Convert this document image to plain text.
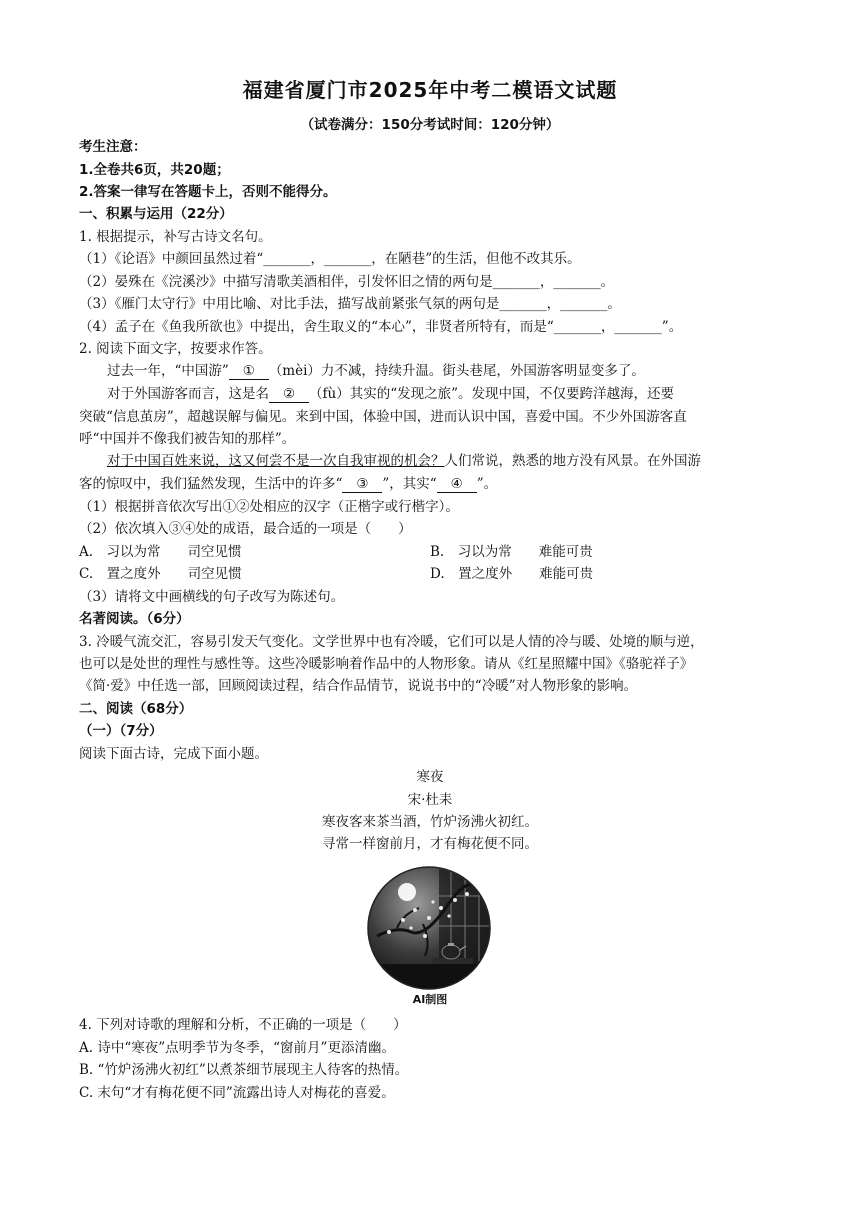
福建省厦门市2025年中考二模语文试题
（试卷满分：150分考试时间：120分钟）
考生注意：
1.全卷共6页，共20题；
2.答案一律写在答题卡上，否则不能得分。
一、积累与运用（22分）
1. 根据提示，补写古诗文名句。
（1）《论语》中颜回虽然过着“_______，_______，在陋巷”的生活，但他不改其乐。
（2）晏殊在《浣溪沙》中描写清歌美酒相伴，引发怀旧之情的两句是_______，_______。
（3）《雁门太守行》中用比喻、对比手法，描写战前紧张气氛的两句是_______，_______。
（4）孟子在《鱼我所欲也》中提出，舍生取义的“本心”，非贤者所特有，而是“_______，_______”。
2. 阅读下面文字，按要求作答。
过去一年，“中国游” ① （mèi）力不减，持续升温。街头巷尾，外国游客明显变多了。
对于外国游客而言，这是名 ② （fù）其实的“发现之旅”。发现中国，不仅要跨洋越海，还要
突破“信息茧房”，超越误解与偏见。来到中国，体验中国，进而认识中国，喜爱中国。不少外国游客直
呼“中国并不像我们被告知的那样”。
对于中国百姓来说，这又何尝不是一次自我审视的机会？人们常说，熟悉的地方没有风景。在外国游
客的惊叹中，我们猛然发现，生活中的许多“ ③ ”，其实“ ④ ”。
（1）根据拼音依次写出①②处相应的汉字（正楷字或行楷字）。
（2）依次填入③④处的成语，最合适的一项是（　　）
A.　习以为常　　司空见惯	B.　习以为常　　难能可贵
C.　置之度外　　司空见惯	D.　置之度外　　难能可贵
（3）请将文中画横线的句子改写为陈述句。
名著阅读。（6分）
3. 冷暖气流交汇，容易引发天气变化。文学世界中也有冷暖，它们可以是人情的冷与暖、处境的顺与逆，
也可以是处世的理性与感性等。这些冷暖影响着作品中的人物形象。请从《红星照耀中国》《骆驼祥子》
《简·爱》中任选一部，回顾阅读过程，结合作品情节，说说书中的“冷暖”对人物形象的影响。
二、阅读（68分）
（一）（7分）
阅读下面古诗，完成下面小题。
寒夜
宋·杜耒
寒夜客来茶当酒，竹炉汤沸火初红。
寻常一样窗前月，才有梅花便不同。
AI制图
4. 下列对诗歌的理解和分析，不正确的一项是（　　）
A. 诗中“寒夜”点明季节为冬季，“窗前月”更添清幽。
B. “竹炉汤沸火初红”以煮茶细节展现主人待客的热情。
C. 末句“才有梅花便不同”流露出诗人对梅花的喜爱。
